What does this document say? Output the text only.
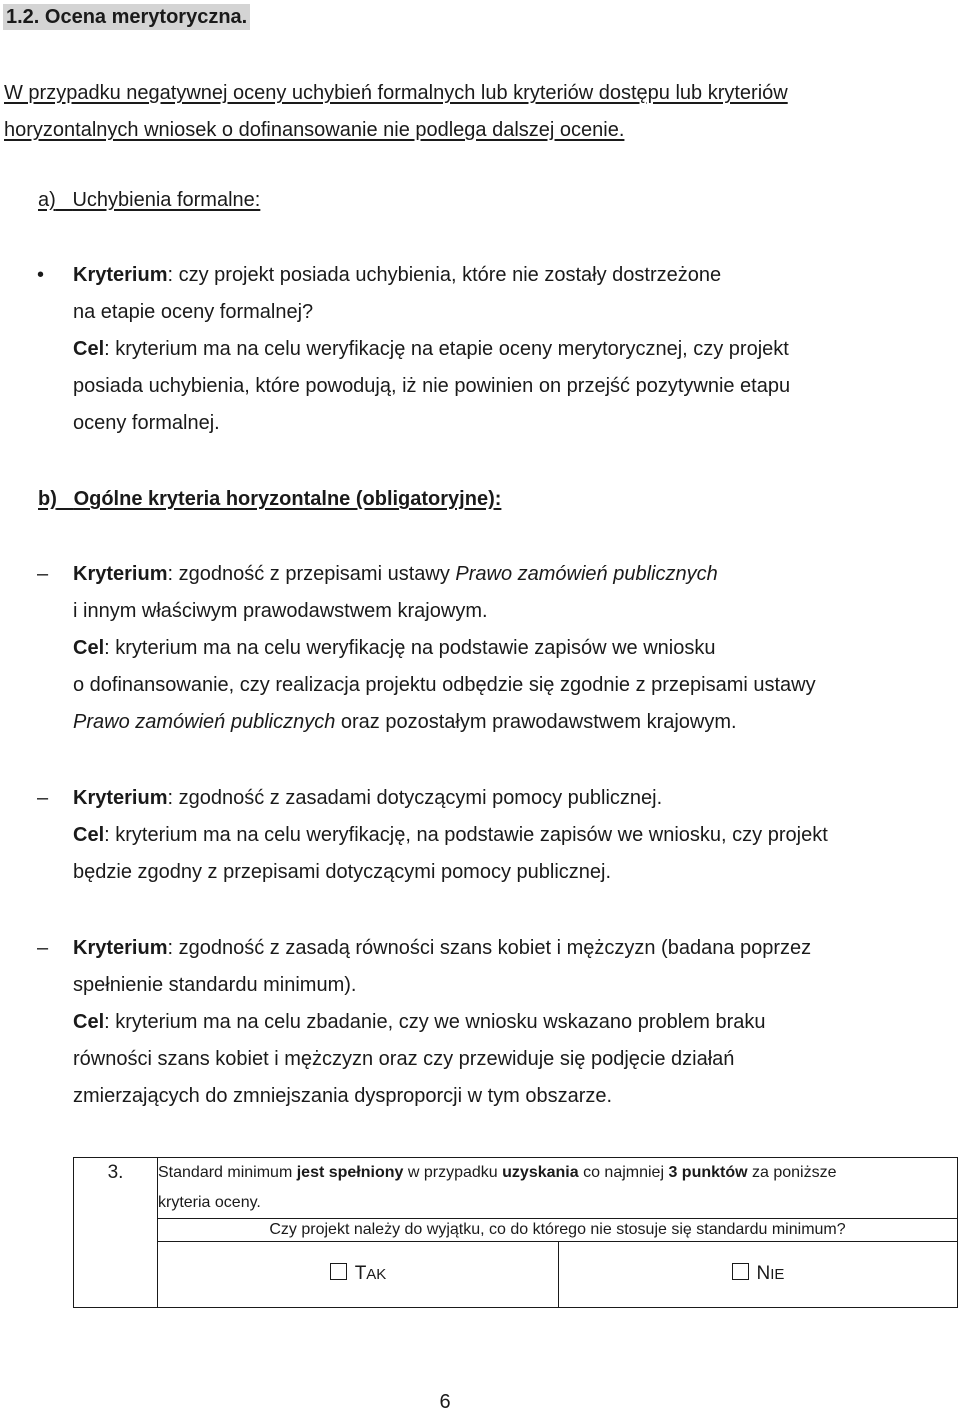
1.2. Ocena merytoryczna.
W przypadku negatywnej oceny uchybień formalnych lub kryteriów dostępu lub kryteriów
horyzontalnych wniosek o dofinansowanie nie podlega dalszej ocenie.
a) Uchybienia formalne:
• Kryterium: czy projekt posiada uchybienia, które nie zostały dostrzeżone
na etapie oceny formalnej?
Cel: kryterium ma na celu weryfikację na etapie oceny merytorycznej, czy projekt
posiada uchybienia, które powodują, iż nie powinien on przejść pozytywnie etapu
oceny formalnej.
b) Ogólne kryteria horyzontalne (obligatoryjne):
– Kryterium: zgodność z przepisami ustawy Prawo zamówień publicznych
i innym właściwym prawodawstwem krajowym.
Cel: kryterium ma na celu weryfikację na podstawie zapisów we wniosku
o dofinansowanie, czy realizacja projektu odbędzie się zgodnie z przepisami ustawy
Prawo zamówień publicznych oraz pozostałym prawodawstwem krajowym.
– Kryterium: zgodność z zasadami dotyczącymi pomocy publicznej.
Cel: kryterium ma na celu weryfikację, na podstawie zapisów we wniosku, czy projekt
będzie zgodny z przepisami dotyczącymi pomocy publicznej.
– Kryterium: zgodność z zasadą równości szans kobiet i mężczyzn (badana poprzez
spełnienie standardu minimum).
Cel: kryterium ma na celu zbadanie, czy we wniosku wskazano problem braku
równości szans kobiet i mężczyzn oraz czy przewiduje się podjęcie działań
zmierzających do zmniejszania dysproporcji w tym obszarze.
3.	Standard minimum jest spełniony w przypadku uzyskania co najmniej 3 punktów za poniższe
kryteria oceny.	
	Czy projekt należy do wyjątku, co do którego nie stosuje się standardu minimum?	
	TAK	NIE
6
